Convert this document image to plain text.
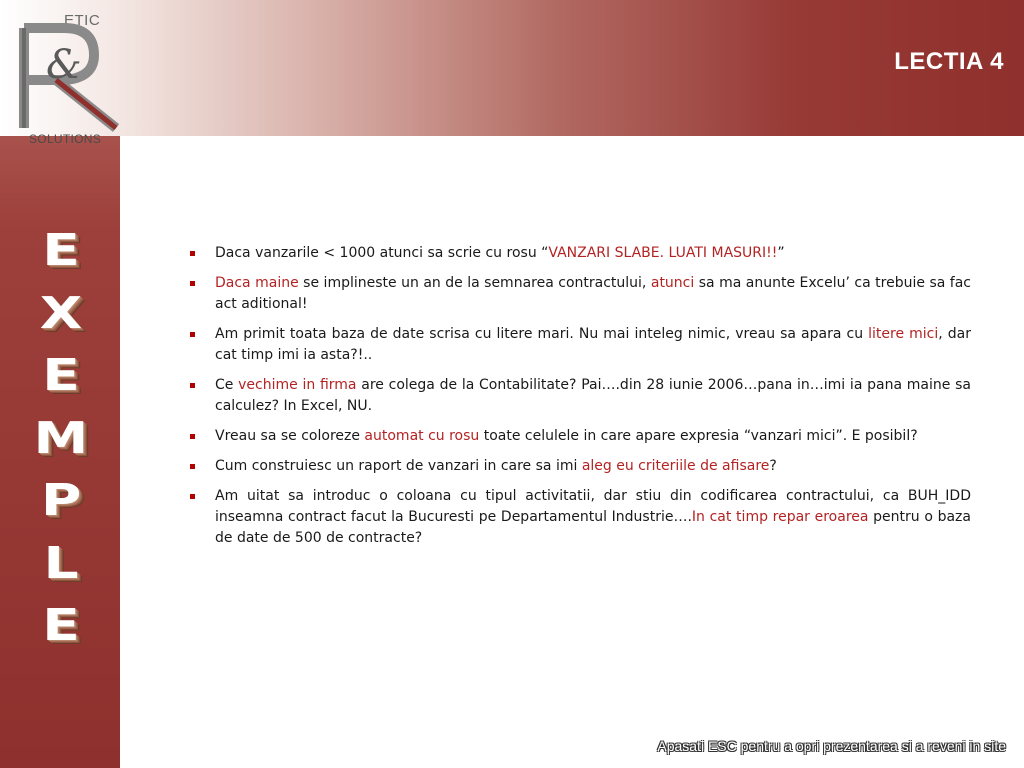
ETIC
&
SOLUTIONS
LECTIA 4
E
X
E
M
P
L
E
Daca vanzarile < 1000 atunci sa scrie cu rosu “VANZARI SLABE. LUATI MASURI!!”
Daca maine se implineste un an de la semnarea contractului, atunci sa ma anunte Excelu’ ca trebuie sa fac act aditional!
Am primit toata baza de date scrisa cu litere mari. Nu mai inteleg nimic, vreau sa apara cu litere mici, dar cat timp imi ia asta?!..
Ce vechime in firma are colega de la Contabilitate? Pai….din 28 iunie 2006…pana in…imi ia pana maine sa calculez? In Excel, NU.
Vreau sa se coloreze automat cu rosu toate celulele in care apare expresia “vanzari mici”. E posibil?
Cum construiesc un raport de vanzari in care sa imi aleg eu criteriile de afisare?
Am uitat sa introduc o coloana cu tipul activitatii, dar stiu din codificarea contractului, ca BUH_IDD inseamna contract facut la Bucuresti pe Departamentul Industrie….In cat timp repar eroarea pentru o baza de date de 500 de contracte?
Apasati ESC pentru a opri prezentarea si a reveni in site
